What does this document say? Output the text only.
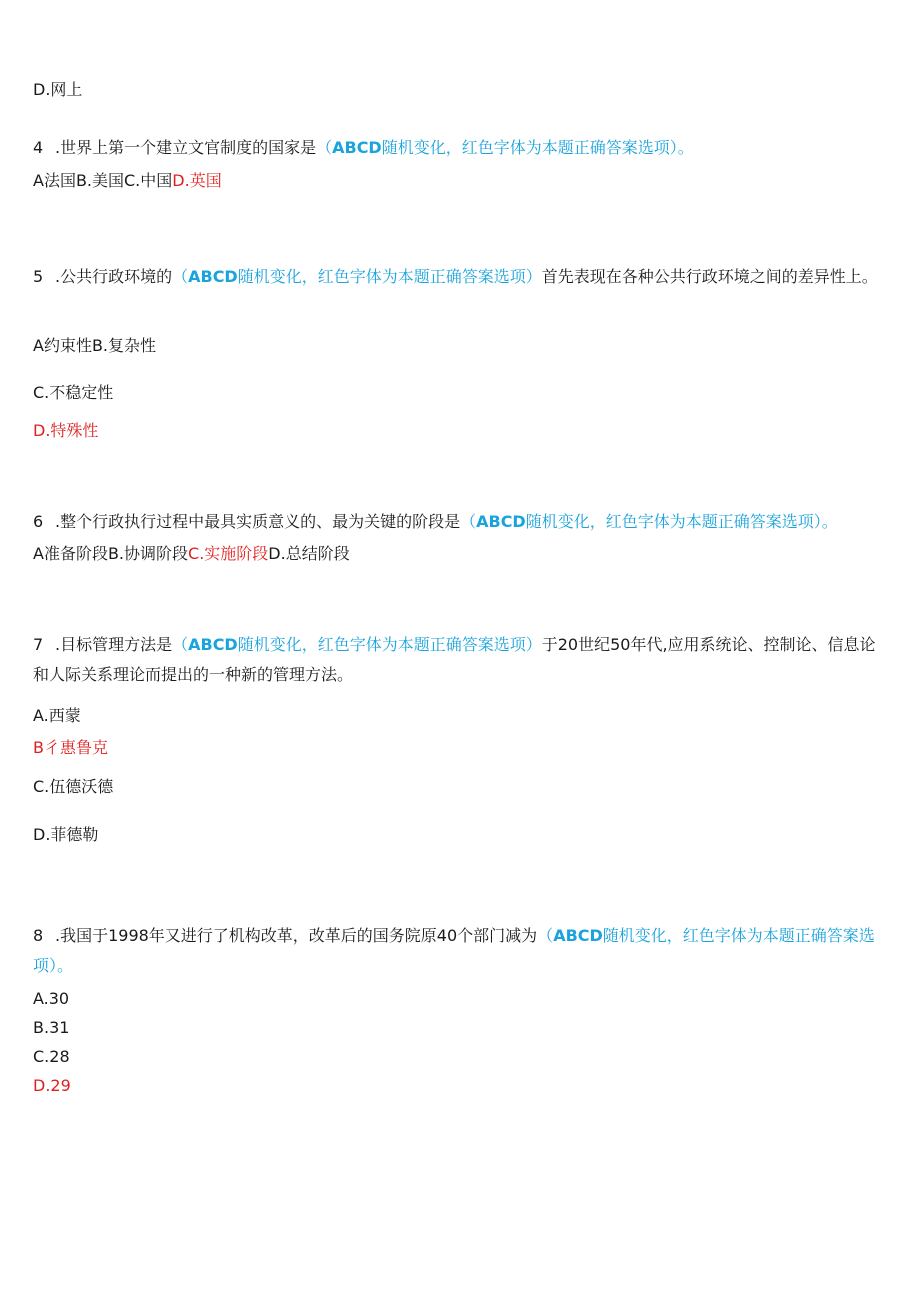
D.网上
4 .世界上第一个建立文官制度的国家是（ABCD随机变化，红色字体为本题正确答案选项）。
A法国B.美国C.中国D.英国
5 .公共行政环境的（ABCD随机变化，红色字体为本题正确答案选项）首先表现在各种公共行政环境之间的差异性上。
A约束性B.复杂性
C.不稳定性
D.特殊性
6 .整个行政执行过程中最具实质意义的、最为关键的阶段是（ABCD随机变化，红色字体为本题正确答案选项）。
A准备阶段B.协调阶段C.实施阶段D.总结阶段
7 .目标管理方法是（ABCD随机变化，红色字体为本题正确答案选项）于20世纪50年代,应用系统论、控制论、信息论和人际关系理论而提出的一种新的管理方法。
A.西蒙
B彳惠鲁克
C.伍德沃德
D.菲德勒
8 .我国于1998年又进行了机构改革，改革后的国务院原40个部门减为（ABCD随机变化，红色字体为本题正确答案选项）。
A.30
B.31
C.28
D.29
